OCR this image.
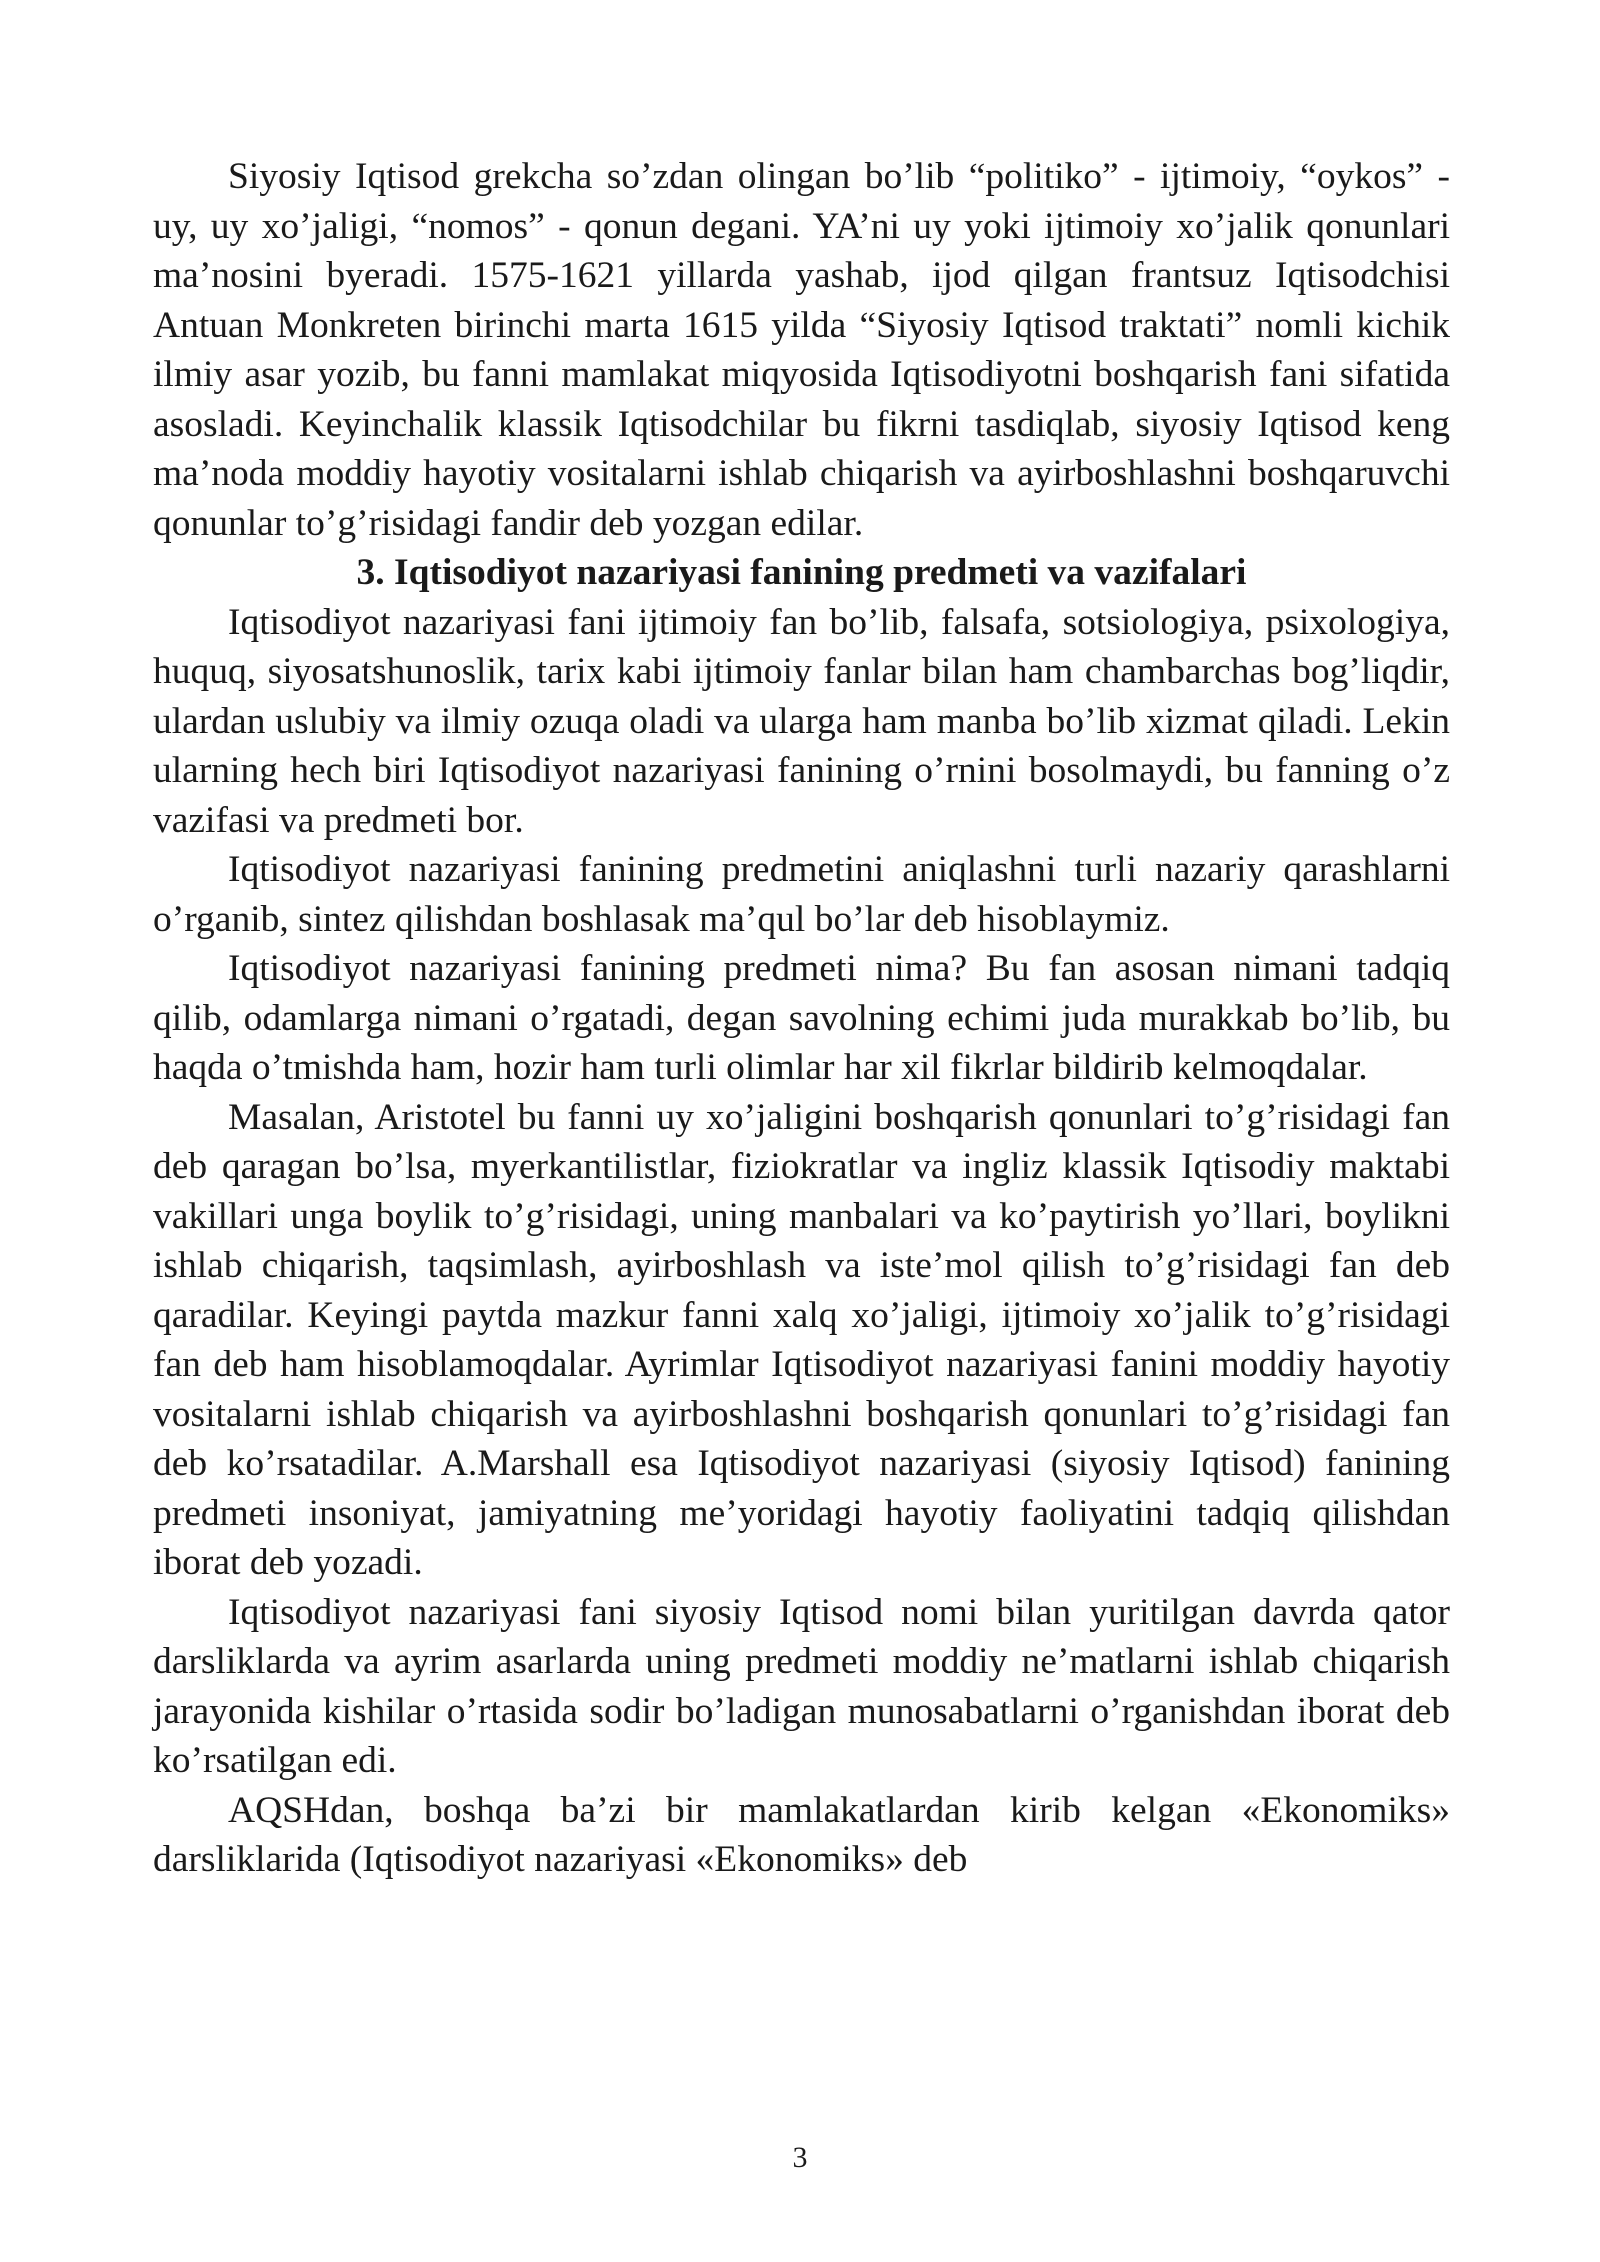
Siyosiy Iqtisod grekcha so’zdan olingan bo’lib “politiko” - ijtimoiy, “oykos” - uy, uy xo’jaligi, “nomos” - qonun degani. YA’ni uy yoki ijtimoiy xo’jalik qonunlari ma’nosini byeradi. 1575-1621 yillarda yashab, ijod qilgan frantsuz Iqtisodchisi Antuan Monkreten birinchi marta 1615 yilda “Siyosiy Iqtisod traktati” nomli kichik ilmiy asar yozib, bu fanni mamlakat miqyosida Iqtisodiyotni boshqarish fani sifatida asosladi. Keyinchalik klassik Iqtisodchilar bu fikrni tasdiqlab, siyosiy Iqtisod keng ma’noda moddiy hayotiy vositalarni ishlab chiqarish va ayirboshlashni boshqaruvchi qonunlar to’g’risidagi fandir deb yozgan edilar.

3. Iqtisodiyot nazariyasi fanining predmeti va vazifalari

Iqtisodiyot nazariyasi fani ijtimoiy fan bo’lib, falsafa, sotsiologiya, psixologiya, huquq, siyosatshunoslik, tarix kabi ijtimoiy fanlar bilan ham chambarchas bog’liqdir, ulardan uslubiy va ilmiy ozuqa oladi va ularga ham manba bo’lib xizmat qiladi. Lekin ularning hech biri Iqtisodiyot nazariyasi fanining o’rnini bosolmaydi, bu fanning o’z vazifasi va predmeti bor.

Iqtisodiyot nazariyasi fanining predmetini aniqlashni turli nazariy qarashlarni o’rganib, sintez qilishdan boshlasak ma’qul bo’lar deb hisoblaymiz.

Iqtisodiyot nazariyasi fanining predmeti nima? Bu fan asosan nimani tadqiq qilib, odamlarga nimani o’rgatadi, degan savolning echimi juda murakkab bo’lib, bu haqda o’tmishda ham, hozir ham turli olimlar har xil fikrlar bildirib kelmoqdalar.

Masalan, Aristotel bu fanni uy xo’jaligini boshqarish qonunlari to’g’risidagi fan deb qaragan bo’lsa, myerkantilistlar, fiziokratlar va ingliz klassik Iqtisodiy maktabi vakillari unga boylik to’g’risidagi, uning manbalari va ko’paytirish yo’llari, boylikni ishlab chiqarish, taqsimlash, ayirboshlash va iste’mol qilish to’g’risidagi fan deb qaradilar. Keyingi paytda mazkur fanni xalq xo’jaligi, ijtimoiy xo’jalik to’g’risidagi fan deb ham hisoblamoqdalar. Ayrimlar Iqtisodiyot nazariyasi fanini moddiy hayotiy vositalarni ishlab chiqarish va ayirboshlashni boshqarish qonunlari to’g’risidagi fan deb ko’rsatadilar. A.Marshall esa Iqtisodiyot nazariyasi (siyosiy Iqtisod) fanining predmeti insoniyat, jamiyatning me’yoridagi hayotiy faoliyatini tadqiq qilishdan iborat deb yozadi.

Iqtisodiyot nazariyasi fani siyosiy Iqtisod nomi bilan yuritilgan davrda qator darsliklarda va ayrim asarlarda uning predmeti moddiy ne’matlarni ishlab chiqarish jarayonida kishilar o’rtasida sodir bo’ladigan munosabatlarni o’rganishdan iborat deb ko’rsatilgan edi.

AQSHdan, boshqa ba’zi bir mamlakatlardan kirib kelgan «Ekonomiks» darsliklarida (Iqtisodiyot nazariyasi «Ekonomiks» deb

3
